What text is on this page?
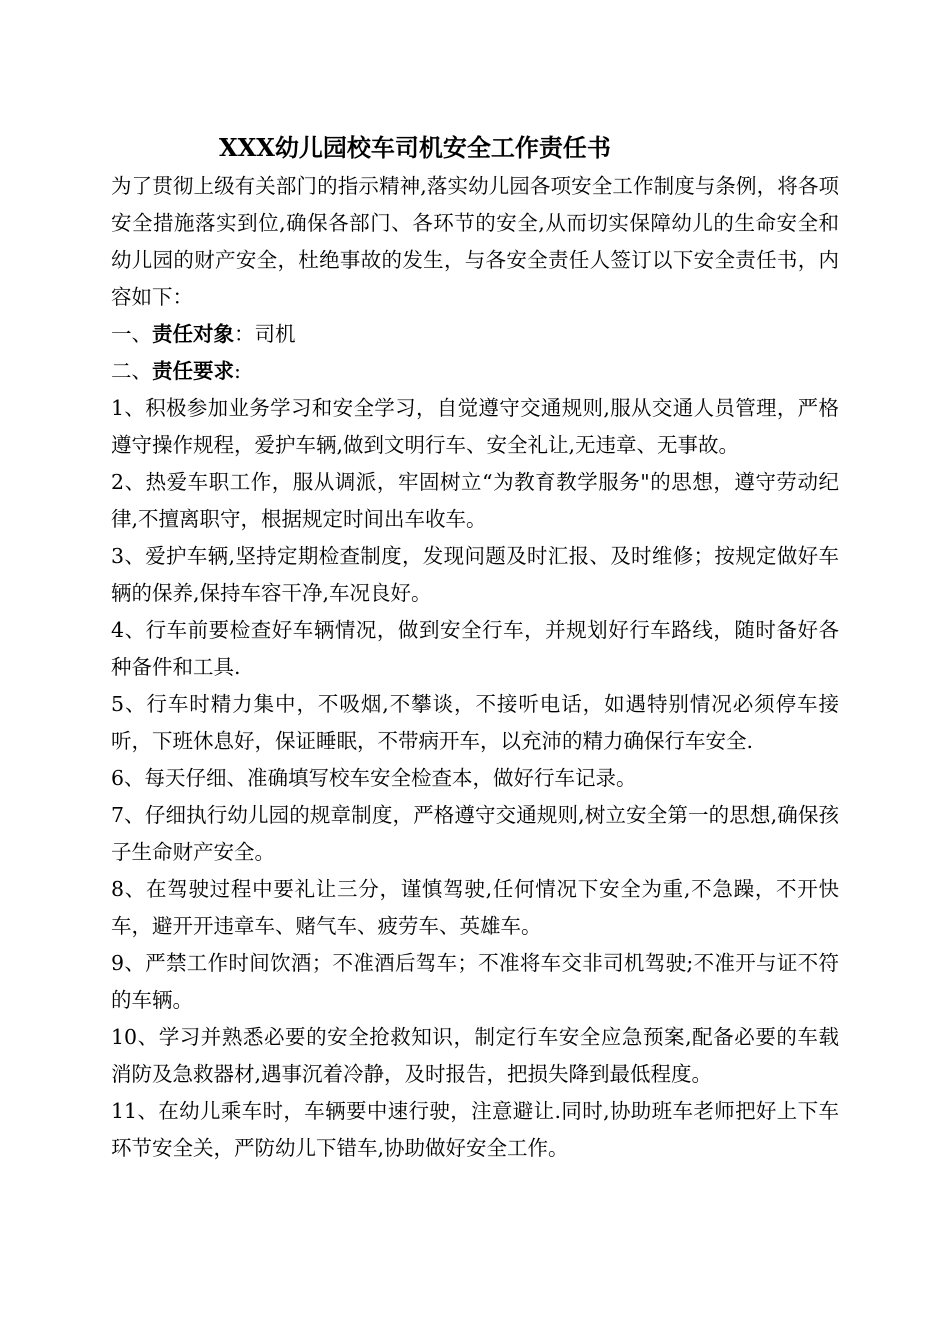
XXX幼儿园校车司机安全工作责任书

为了贯彻上级有关部门的指示精神,落实幼儿园各项安全工作制度与条例，将各项安全措施落实到位,确保各部门、各环节的安全,从而切实保障幼儿的生命安全和幼儿园的财产安全，杜绝事故的发生，与各安全责任人签订以下安全责任书，内容如下：

一、责任对象：司机

二、责任要求:

1、积极参加业务学习和安全学习，自觉遵守交通规则,服从交通人员管理，严格遵守操作规程，爱护车辆,做到文明行车、安全礼让,无违章、无事故。

2、热爱车职工作，服从调派，牢固树立“为教育教学服务"的思想，遵守劳动纪律,不擅离职守，根据规定时间出车收车。

3、爱护车辆,坚持定期检查制度，发现问题及时汇报、及时维修；按规定做好车辆的保养,保持车容干净,车况良好。

4、行车前要检查好车辆情况，做到安全行车，并规划好行车路线，随时备好各种备件和工具.

5、行车时精力集中，不吸烟,不攀谈，不接听电话，如遇特别情况必须停车接听，下班休息好，保证睡眠，不带病开车，以充沛的精力确保行车安全.

6、每天仔细、准确填写校车安全检查本，做好行车记录。

7、仔细执行幼儿园的规章制度，严格遵守交通规则,树立安全第一的思想,确保孩子生命财产安全。

8、在驾驶过程中要礼让三分，谨慎驾驶,任何情况下安全为重,不急躁，不开快车，避开开违章车、赌气车、疲劳车、英雄车。

9、严禁工作时间饮酒；不准酒后驾车；不准将车交非司机驾驶;不准开与证不符的车辆。

10、学习并熟悉必要的安全抢救知识，制定行车安全应急预案,配备必要的车载消防及急救器材,遇事沉着冷静，及时报告，把损失降到最低程度。

11、在幼儿乘车时，车辆要中速行驶，注意避让.同时,协助班车老师把好上下车环节安全关，严防幼儿下错车,协助做好安全工作。
